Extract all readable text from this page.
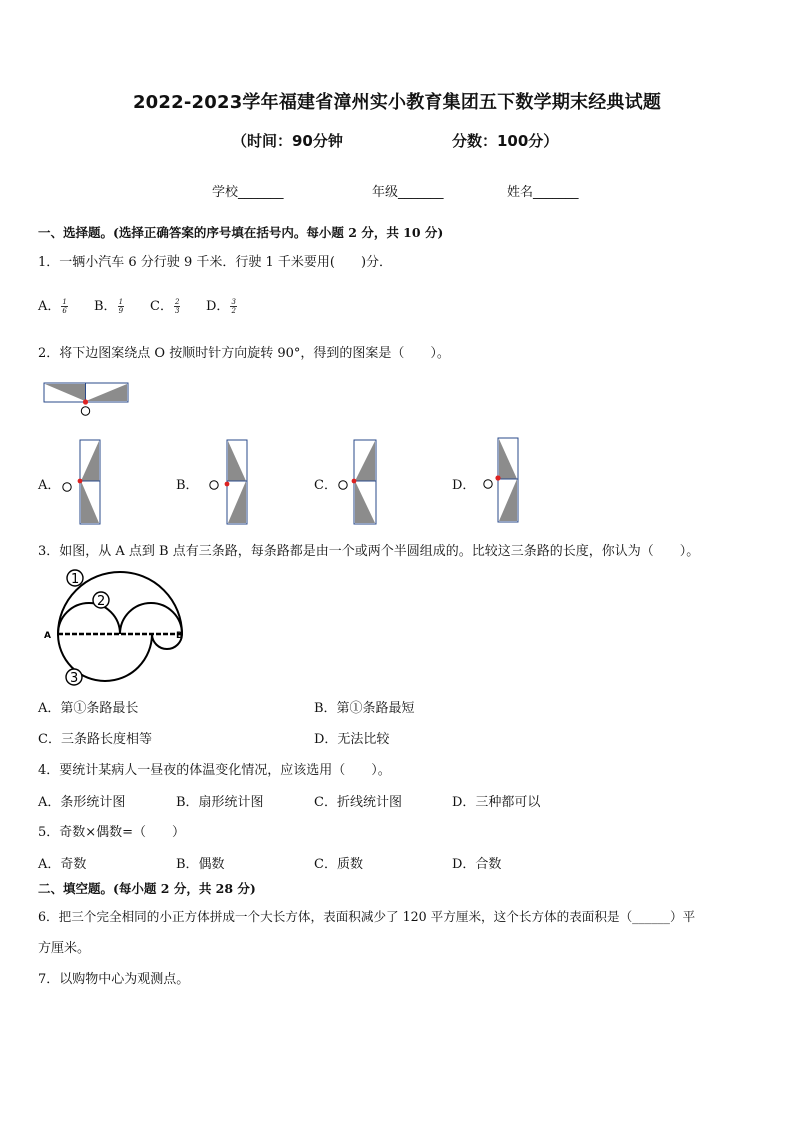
2022-2023学年福建省漳州实小教育集团五下数学期末经典试题
（时间：90分钟	分数：100分）
学校_______	年级_______	姓名_______
一、选择题。(选择正确答案的序号填在括号内。每小题 2 分，共 10 分)
1．一辆小汽车 6 分行驶 9 千米．行驶 1 千米要用(　　)分．
A． $\frac{1}{6}$ B． $\frac{1}{9}$ C． $\frac{2}{3}$ D． $\frac{3}{2}$
2．将下边图案绕点 O 按顺时针方向旋转 90°，得到的图案是（　　）。
A．	B．	C．	D．
3．如图，从 A 点到 B 点有三条路，每条路都是由一个或两个半圆组成的。比较这三条路的长度，你认为（　　）。
A	B
1
2
3
A．第①条路最长	B．第①条路最短
C．三条路长度相等	D．无法比较
4．要统计某病人一昼夜的体温变化情况，应该选用（　　）。
A．条形统计图	B．扇形统计图	C．折线统计图	D．三种都可以
5．奇数×偶数=（　　）
A．奇数	B．偶数	C．质数	D．合数
二、填空题。(每小题 2 分，共 28 分)
6．把三个完全相同的小正方体拼成一个大长方体，表面积减少了 120 平方厘米，这个长方体的表面积是（______）平
方厘米。
7．以购物中心为观测点。
